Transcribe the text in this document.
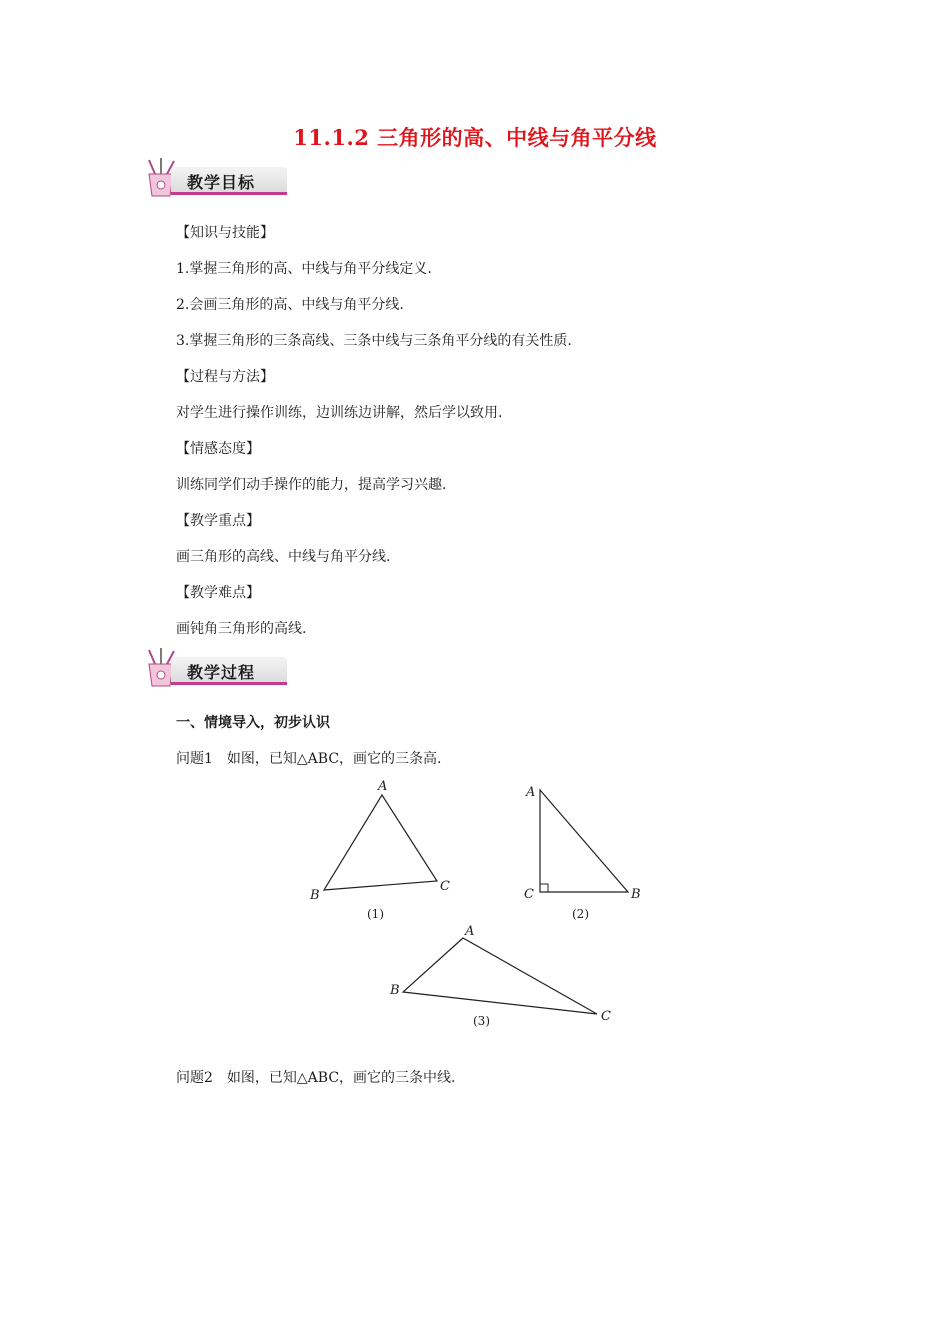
11.1.2 三角形的高、中线与角平分线
教学目标
【知识与技能】
1.掌握三角形的高、中线与角平分线定义.
2.会画三角形的高、中线与角平分线.
3.掌握三角形的三条高线、三条中线与三条角平分线的有关性质.
【过程与方法】
对学生进行操作训练，边训练边讲解，然后学以致用.
【情感态度】
训练同学们动手操作的能力，提高学习兴趣.
【教学重点】
画三角形的高线、中线与角平分线.
【教学难点】
画钝角三角形的高线.
教学过程
一、情境导入，初步认识
问题1　如图，已知△ABC，画它的三条高.
A
B
C
(1)
A
C	B
(2)
A
B
C
(3)
问题2　如图，已知△ABC，画它的三条中线.
